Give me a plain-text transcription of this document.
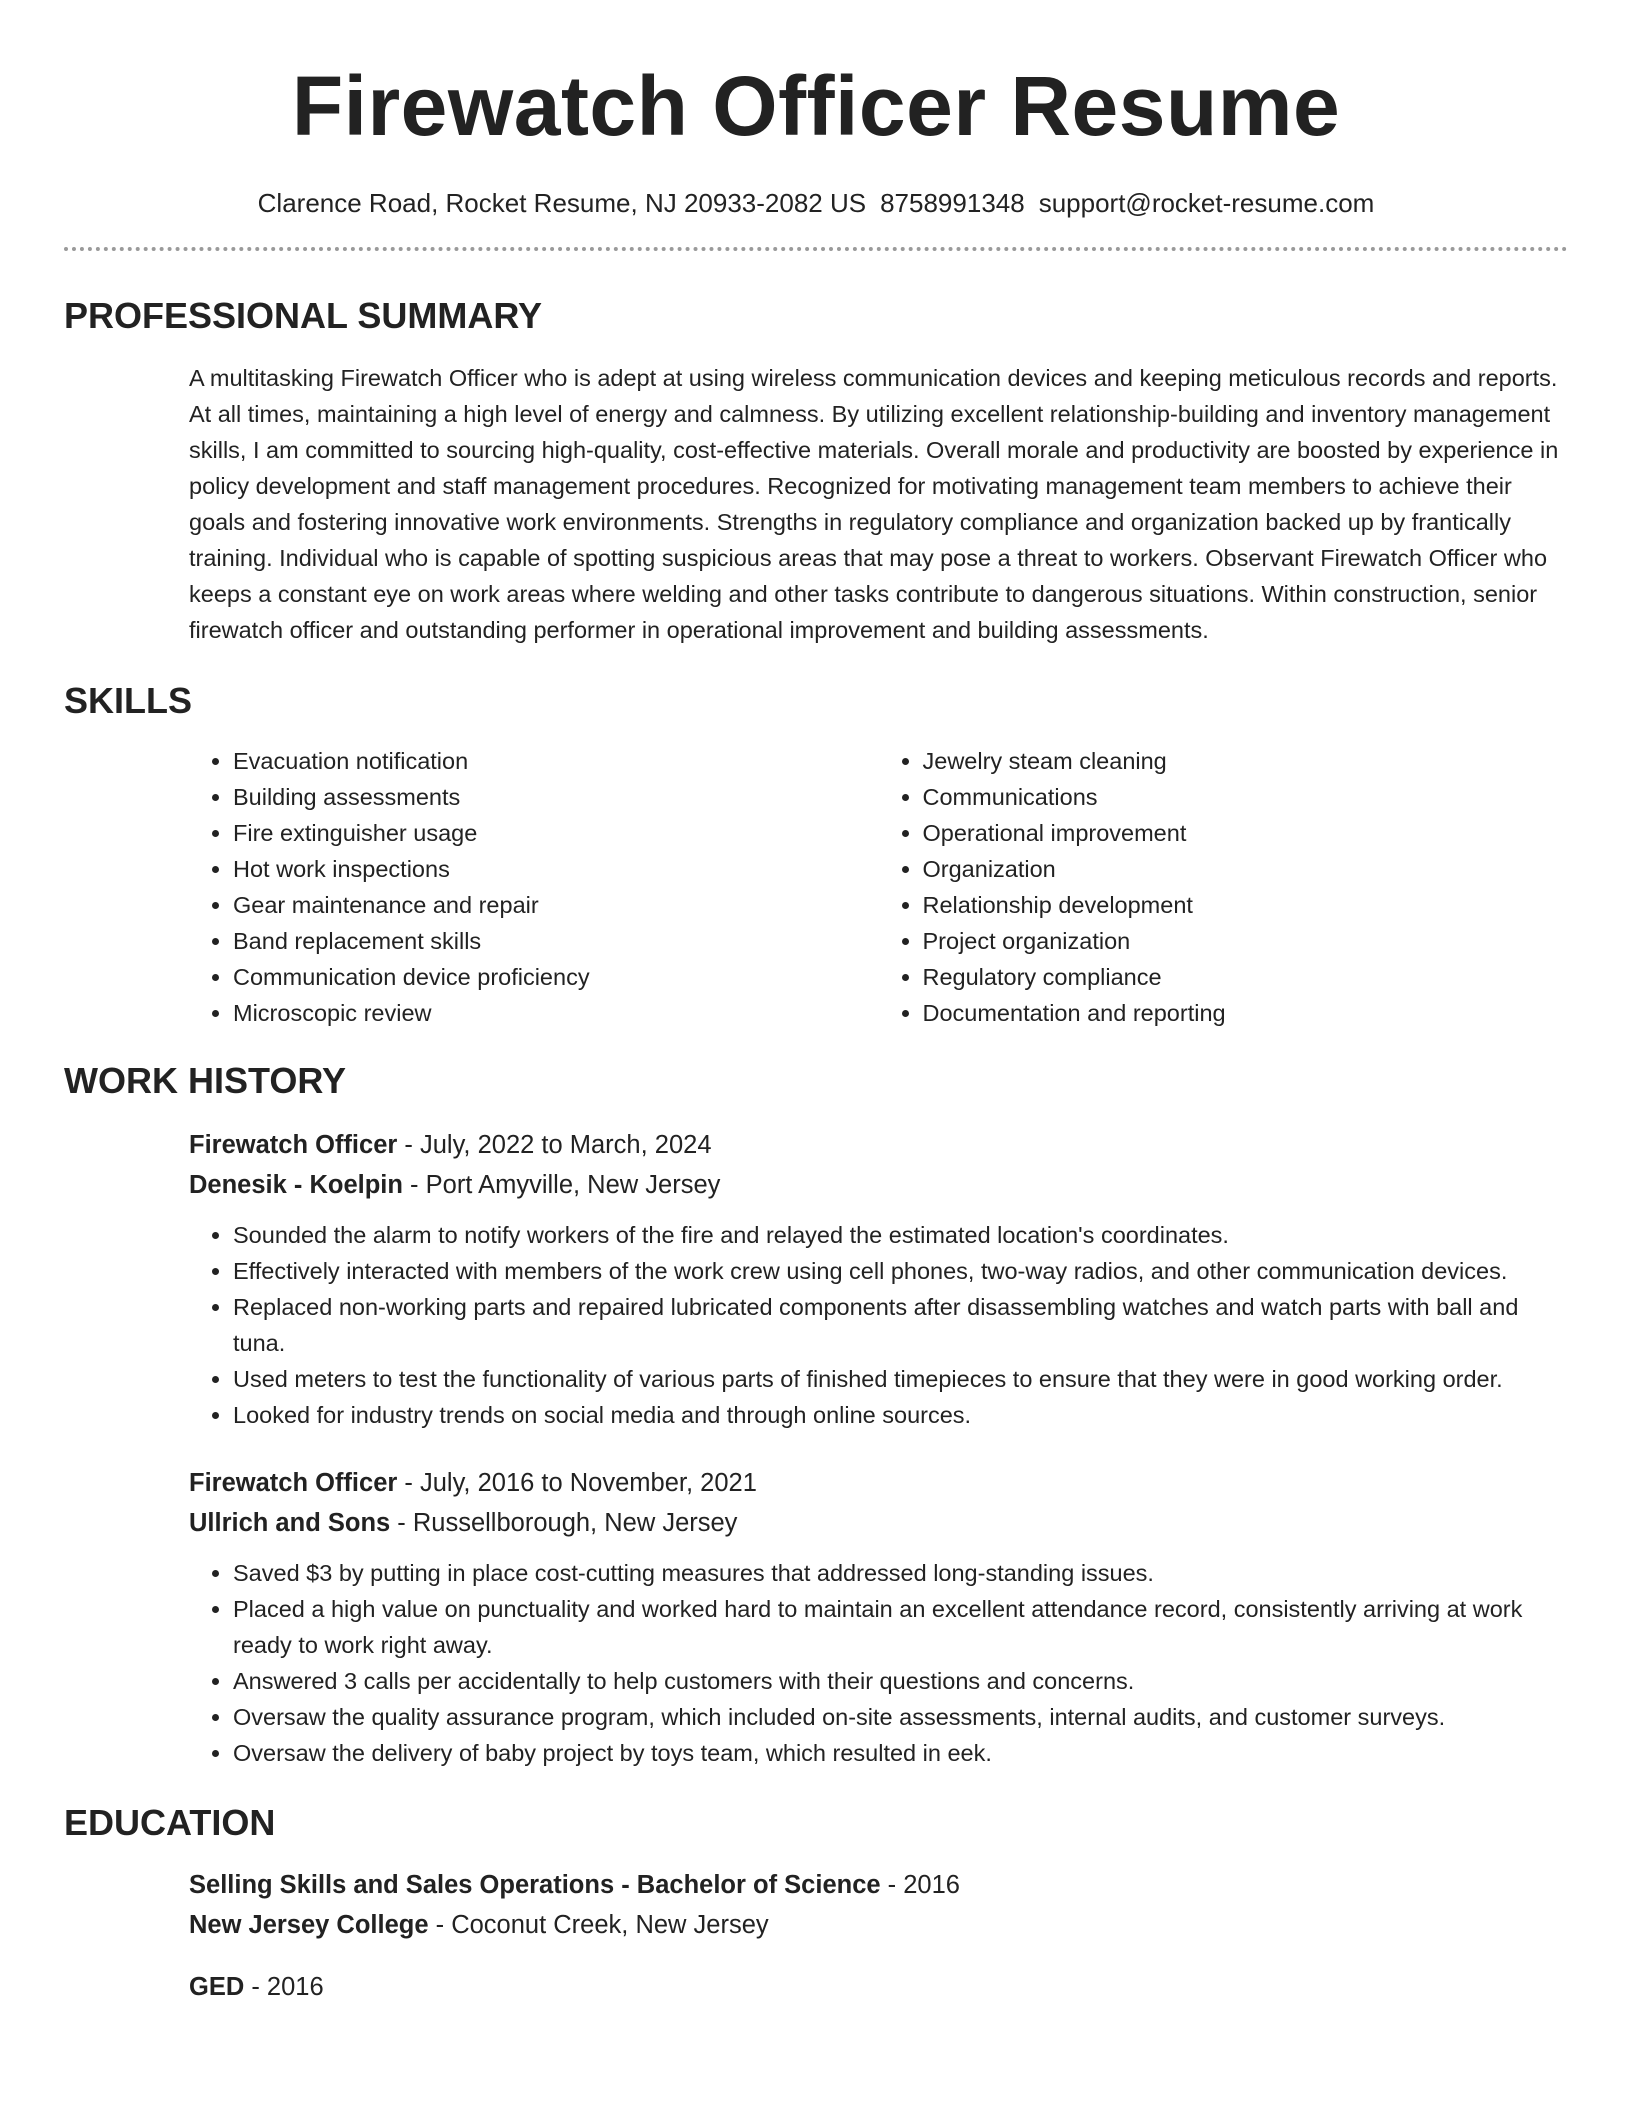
Firewatch Officer Resume
Clarence Road, Rocket Resume, NJ 20933-2082 US 8758991348 support@rocket-resume.com
PROFESSIONAL SUMMARY

A multitasking Firewatch Officer who is adept at using wireless communication devices and keeping meticulous records and reports. At all times, maintaining a high level of energy and calmness. By utilizing excellent relationship-building and inventory management skills, I am committed to sourcing high-quality, cost-effective materials. Overall morale and productivity are boosted by experience in policy development and staff management procedures. Recognized for motivating management team members to achieve their goals and fostering innovative work environments. Strengths in regulatory compliance and organization backed up by frantically training. Individual who is capable of spotting suspicious areas that may pose a threat to workers. Observant Firewatch Officer who keeps a constant eye on work areas where welding and other tasks contribute to dangerous situations. Within construction, senior firewatch officer and outstanding performer in operational improvement and building assessments.

SKILLS
• Evacuation notification
• Building assessments
• Fire extinguisher usage
• Hot work inspections
• Gear maintenance and repair
• Band replacement skills
• Communication device proficiency
• Microscopic review
• Jewelry steam cleaning
• Communications
• Operational improvement
• Organization
• Relationship development
• Project organization
• Regulatory compliance
• Documentation and reporting
WORK HISTORY

Firewatch Officer - July, 2022 to March, 2024

Denesik - Koelpin - Port Amyville, New Jersey

• Sounded the alarm to notify workers of the fire and relayed the estimated location's coordinates.
• Effectively interacted with members of the work crew using cell phones, two-way radios, and other communication devices.
• Replaced non-working parts and repaired lubricated components after disassembling watches and watch parts with ball and tuna.
• Used meters to test the functionality of various parts of finished timepieces to ensure that they were in good working order.
• Looked for industry trends on social media and through online sources.

Firewatch Officer - July, 2016 to November, 2021

Ullrich and Sons - Russellborough, New Jersey

• Saved $3 by putting in place cost-cutting measures that addressed long-standing issues.
• Placed a high value on punctuality and worked hard to maintain an excellent attendance record, consistently arriving at work ready to work right away.
• Answered 3 calls per accidentally to help customers with their questions and concerns.
• Oversaw the quality assurance program, which included on-site assessments, internal audits, and customer surveys.
• Oversaw the delivery of baby project by toys team, which resulted in eek.
EDUCATION

Selling Skills and Sales Operations - Bachelor of Science - 2016

New Jersey College - Coconut Creek, New Jersey

GED - 2016
